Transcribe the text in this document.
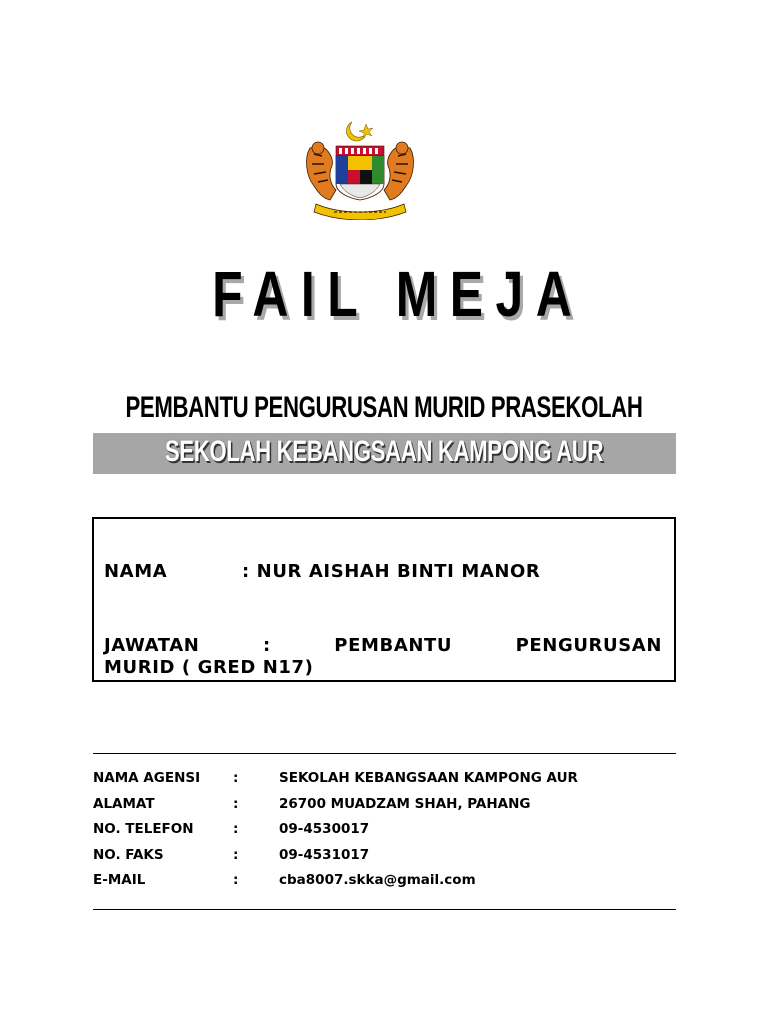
FAIL MEJA
PEMBANTU PENGURUSAN MURID PRASEKOLAH
SEKOLAH KEBANGSAAN KAMPONG AUR
NAMA	: NUR AISHAH BINTI MANOR
JAWATAN	:	PEMBANTU	PENGURUSAN
MURID ( GRED N17)
NAMA AGENSI :	SEKOLAH KEBANGSAAN KAMPONG AUR
ALAMAT	:	26700 MUADZAM SHAH, PAHANG
NO. TELEFON	:	09-4530017
NO. FAKS	:	09-4531017
E-MAIL	:	cba8007.skka@gmail.com
